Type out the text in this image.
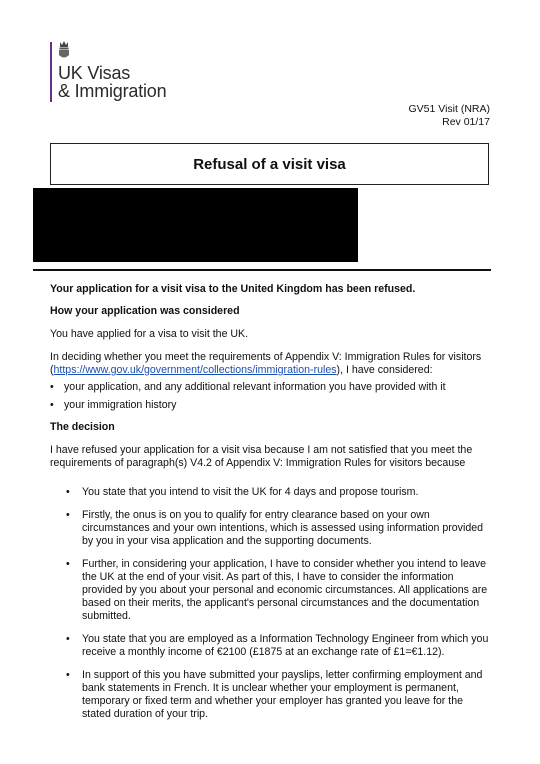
UK Visas
& Immigration
GV51 Visit (NRA)
Rev 01/17
Refusal of a visit visa

Your application for a visit visa to the United Kingdom has been refused.

How your application was considered

You have applied for a visa to visit the UK.

In deciding whether you meet the requirements of Appendix V: Immigration Rules for visitors (https://www.gov.uk/government/collections/immigration-rules), I have considered:

• your application, and any additional relevant information you have provided with it

• your immigration history

The decision

I have refused your application for a visit visa because I am not satisfied that you meet the requirements of paragraph(s) V4.2 of Appendix V: Immigration Rules for visitors because

• You state that you intend to visit the UK for 4 days and propose tourism.

• Firstly, the onus is on you to qualify for entry clearance based on your own circumstances and your own intentions, which is assessed using information provided by you in your visa application and the supporting documents.

• Further, in considering your application, I have to consider whether you intend to leave the UK at the end of your visit. As part of this, I have to consider the information provided by you about your personal and economic circumstances. All applications are based on their merits, the applicant's personal circumstances and the documentation submitted.

• You state that you are employed as a Information Technology Engineer from which you receive a monthly income of €2100 (£1875 at an exchange rate of £1=€1.12).

• In support of this you have submitted your payslips, letter confirming employment and bank statements in French. It is unclear whether your employment is permanent, temporary or fixed term and whether your employer has granted you leave for the stated duration of your trip.
